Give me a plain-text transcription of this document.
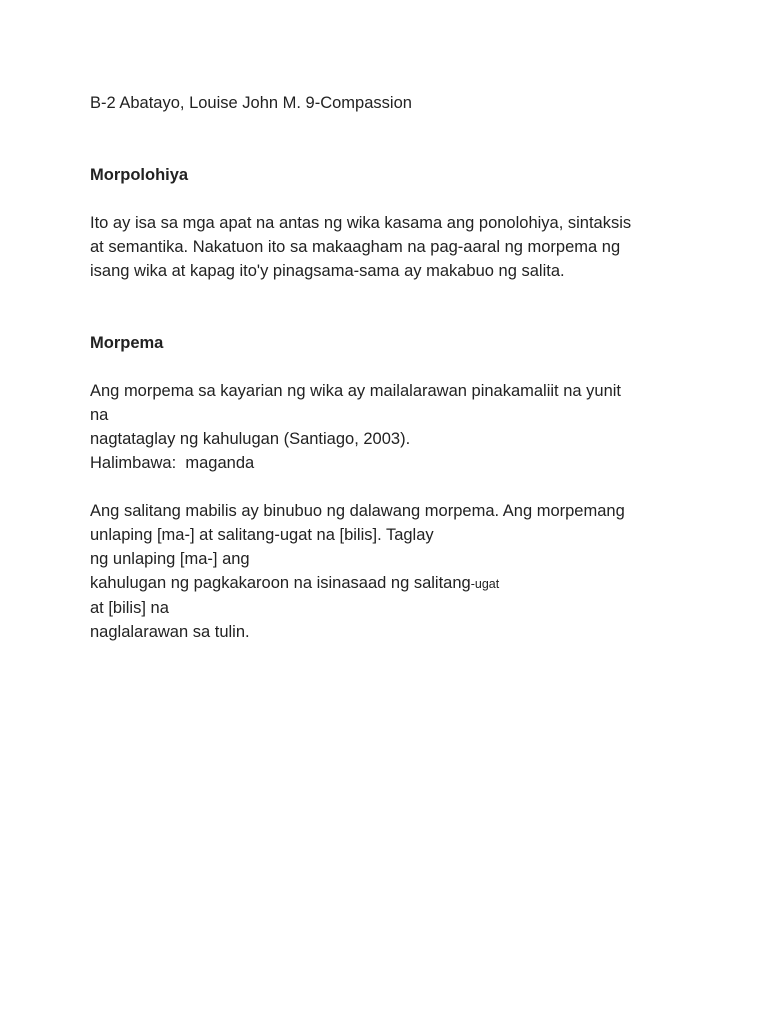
B-2 Abatayo, Louise John M. 9-Compassion
Morpolohiya
Ito ay isa sa mga apat na antas ng wika kasama ang ponolohiya, sintaksis
at semantika. Nakatuon ito sa makaagham na pag-aaral ng morpema ng
isang wika at kapag ito'y pinagsama-sama ay makabuo ng salita.
Morpema
Ang morpema sa kayarian ng wika ay mailalarawan pinakamaliit na yunit
na
nagtataglay ng kahulugan (Santiago, 2003).
Halimbawa:  maganda
Ang salitang mabilis ay binubuo ng dalawang morpema. Ang morpemang
unlaping [ma-] at salitang-ugat na [bilis]. Taglay
ng unlaping [ma-] ang
kahulugan ng pagkakaroon na isinasaad ng salitang-ugat
at [bilis] na
naglalarawan sa tulin.
